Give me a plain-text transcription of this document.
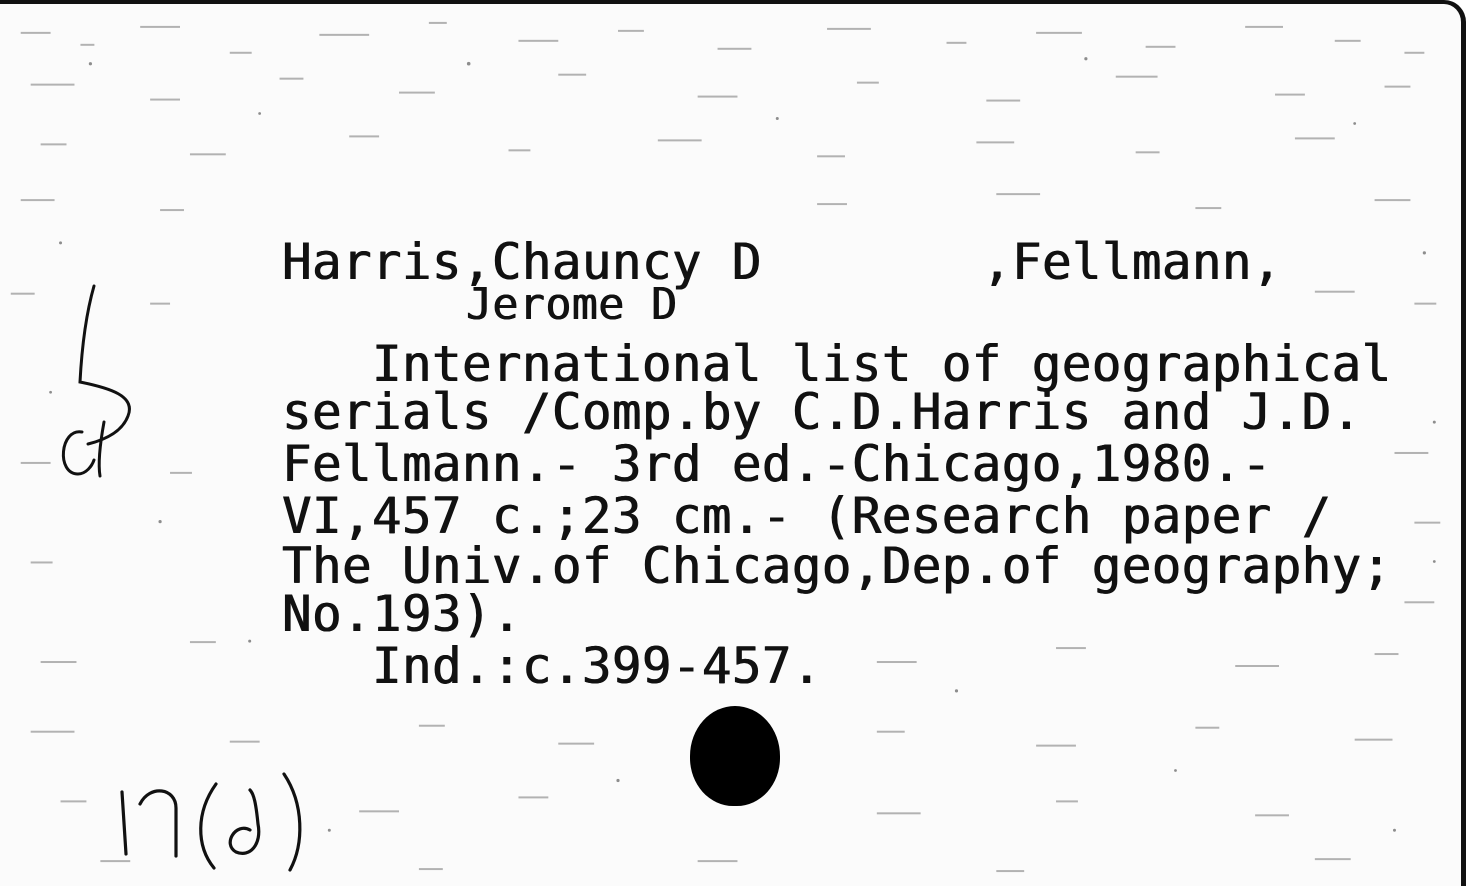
Harris,Chauncy D	,Fellmann,
Jerome D
International list of geographical
serials /Comp.by C.D.Harris and J.D.
Fellmann.- 3rd ed.-Chicago,1980.-
VI,457 c.;23 cm.- (Research paper /
The Univ.of Chicago,Dep.of geography;
No.193).
Ind.:c.399-457.
